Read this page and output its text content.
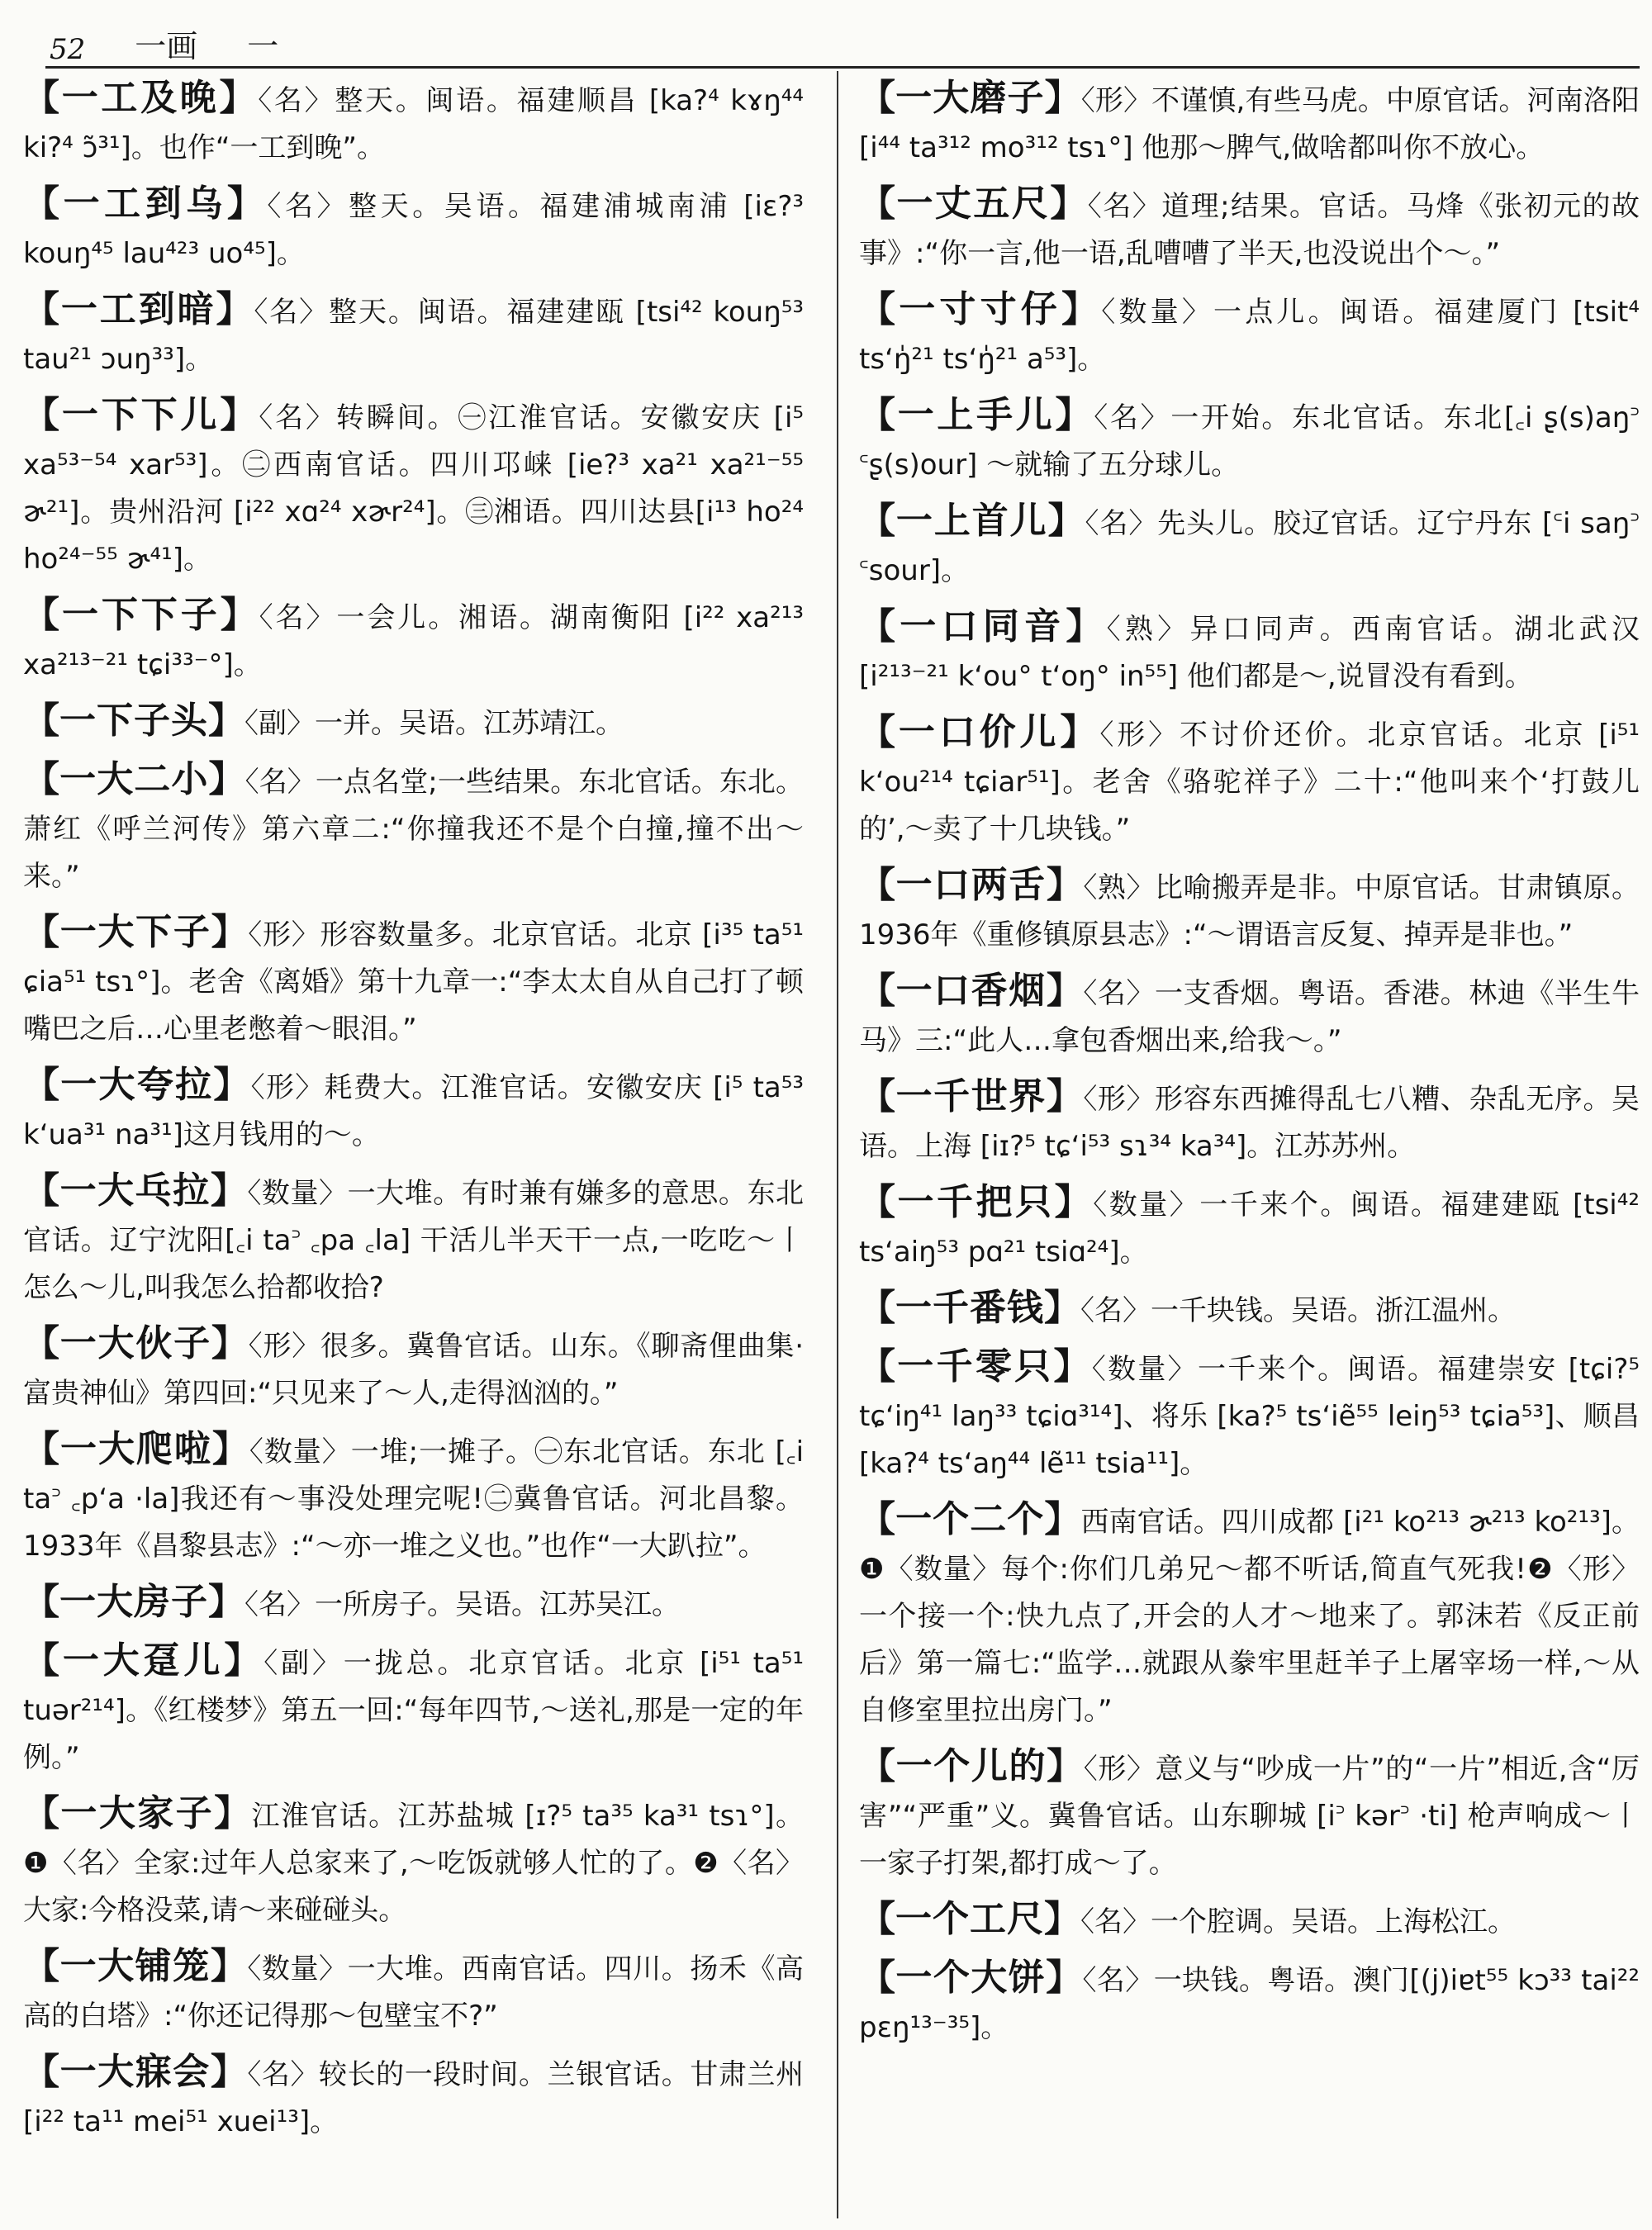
52 一画 一
【一工及晚】〈名〉整天。闽语。福建顺昌 [ka?⁴ kɤŋ⁴⁴ ki?⁴ ɔ̃³¹]。也作“一工到晚”。
【一工到乌】〈名〉整天。吴语。福建浦城南浦 [iɛ?³ kouŋ⁴⁵ lau⁴²³ uo⁴⁵]。
【一工到暗】〈名〉整天。闽语。福建建瓯 [tsi⁴² kouŋ⁵³ tau²¹ ɔuŋ³³]。
【一下下儿】〈名〉转瞬间。㊀江淮官话。安徽安庆 [i⁵ xa⁵³⁻⁵⁴ xar⁵³]。㊁西南官话。四川邛崃 [ie?³ xa²¹ xa²¹⁻⁵⁵ ɚ²¹]。贵州沿河 [i²² xɑ²⁴ xɚr²⁴]。㊂湘语。四川达县[i¹³ ho²⁴ ho²⁴⁻⁵⁵ ɚ⁴¹]。
【一下下子】〈名〉一会儿。湘语。湖南衡阳 [i²² xa²¹³ xa²¹³⁻²¹ tɕi³³⁻°]。
【一下子头】〈副〉一并。吴语。江苏靖江。
【一大二小】〈名〉一点名堂;一些结果。东北官话。东北。萧红《呼兰河传》第六章二:“你撞我还不是个白撞,撞不出～来。”
【一大下子】〈形〉形容数量多。北京官话。北京 [i³⁵ ta⁵¹ ɕia⁵¹ tsɿ°]。老舍《离婚》第十九章一:“李太太自从自己打了顿嘴巴之后…心里老憋着～眼泪。”
【一大夸拉】〈形〉耗费大。江淮官话。安徽安庆 [i⁵ ta⁵³ k‘ua³¹ na³¹]这月钱用的～。
【一大乓拉】〈数量〉一大堆。有时兼有嫌多的意思。东北官话。辽宁沈阳[꜀i ta꜄ ꜀pa ꜀la] 干活儿半天干一点,一吃吃～丨怎么～儿,叫我怎么拾都收拾?
【一大伙子】〈形〉很多。冀鲁官话。山东。《聊斋俚曲集·富贵神仙》第四回:“只见来了～人,走得汹汹的。”
【一大爬啦】〈数量〉一堆;一摊子。㊀东北官话。东北 [꜀i ta꜄ ꜀p‘a ·la]我还有～事没处理完呢!㊁冀鲁官话。河北昌黎。1933年《昌黎县志》:“～亦一堆之义也。”也作“一大趴拉”。
【一大房子】〈名〉一所房子。吴语。江苏吴江。
【一大趸儿】〈副〉一拢总。北京官话。北京 [i⁵¹ ta⁵¹ tuər²¹⁴]。《红楼梦》第五一回:“每年四节,～送礼,那是一定的年例。”
【一大家子】江淮官话。江苏盐城 [ɪ?⁵ ta³⁵ ka³¹ tsɿ°]。❶〈名〉全家:过年人总家来了,～吃饭就够人忙的了。❷〈名〉大家:今格没菜,请～来碰碰头。
【一大铺笼】〈数量〉一大堆。西南官话。四川。扬禾《高高的白塔》:“你还记得那～包壁宝不?”
【一大寐会】〈名〉较长的一段时间。兰银官话。甘肃兰州[i²² ta¹¹ mei⁵¹ xuei¹³]。
【一大磨子】〈形〉不谨慎,有些马虎。中原官话。河南洛阳 [i⁴⁴ ta³¹² mo³¹² tsɿ°] 他那～脾气,做啥都叫你不放心。
【一丈五尺】〈名〉道理;结果。官话。马烽《张初元的故事》:“你一言,他一语,乱嘈嘈了半天,也没说出个～。”
【一寸寸仔】〈数量〉一点儿。闽语。福建厦门 [tsit⁴ ts‘ŋ̍²¹ ts‘ŋ̍²¹ a⁵³]。
【一上手儿】〈名〉一开始。东北官话。东北[꜀i ʂ(s)aŋ꜄ ꜂ʂ(s)our] ～就输了五分球儿。
【一上首儿】〈名〉先头儿。胶辽官话。辽宁丹东 [꜂i saŋ꜄ ꜂sour]。
【一口同音】〈熟〉异口同声。西南官话。湖北武汉 [i²¹³⁻²¹ k‘ou° t‘oŋ° in⁵⁵] 他们都是～,说冒没有看到。
【一口价儿】〈形〉不讨价还价。北京官话。北京 [i⁵¹ k‘ou²¹⁴ tɕiar⁵¹]。老舍《骆驼祥子》二十:“他叫来个‘打鼓儿的’,～卖了十几块钱。”
【一口两舌】〈熟〉比喻搬弄是非。中原官话。甘肃镇原。1936年《重修镇原县志》:“～谓语言反复、掉弄是非也。”
【一口香烟】〈名〉一支香烟。粤语。香港。林迪《半生牛马》三:“此人…拿包香烟出来,给我～。”
【一千世界】〈形〉形容东西摊得乱七八糟、杂乱无序。吴语。上海 [iɪ?⁵ tɕ‘i⁵³ sɿ³⁴ ka³⁴]。江苏苏州。
【一千把只】〈数量〉一千来个。闽语。福建建瓯 [tsi⁴² ts‘aiŋ⁵³ pɑ²¹ tsiɑ²⁴]。
【一千番钱】〈名〉一千块钱。吴语。浙江温州。
【一千零只】〈数量〉一千来个。闽语。福建崇安 [tɕi?⁵ tɕ‘iŋ⁴¹ laŋ³³ tɕiɑ³¹⁴]、将乐 [ka?⁵ ts‘iẽ⁵⁵ leiŋ⁵³ tɕia⁵³]、顺昌 [ka?⁴ ts‘aŋ⁴⁴ lẽ¹¹ tsia¹¹]。
【一个二个】西南官话。四川成都 [i²¹ ko²¹³ ɚ²¹³ ko²¹³]。❶〈数量〉每个:你们几弟兄～都不听话,简直气死我!❷〈形〉一个接一个:快九点了,开会的人才～地来了。郭沫若《反正前后》第一篇七:“监学…就跟从豢牢里赶羊子上屠宰场一样,～从自修室里拉出房门。”
【一个儿的】〈形〉意义与“吵成一片”的“一片”相近,含“厉害”“严重”义。冀鲁官话。山东聊城 [i꜄ kər꜄ ·ti] 枪声响成～丨一家子打架,都打成～了。
【一个工尺】〈名〉一个腔调。吴语。上海松江。
【一个大饼】〈名〉一块钱。粤语。澳门[(j)iɐt⁵⁵ kɔ³³ tai²² pɛŋ¹³⁻³⁵]。
